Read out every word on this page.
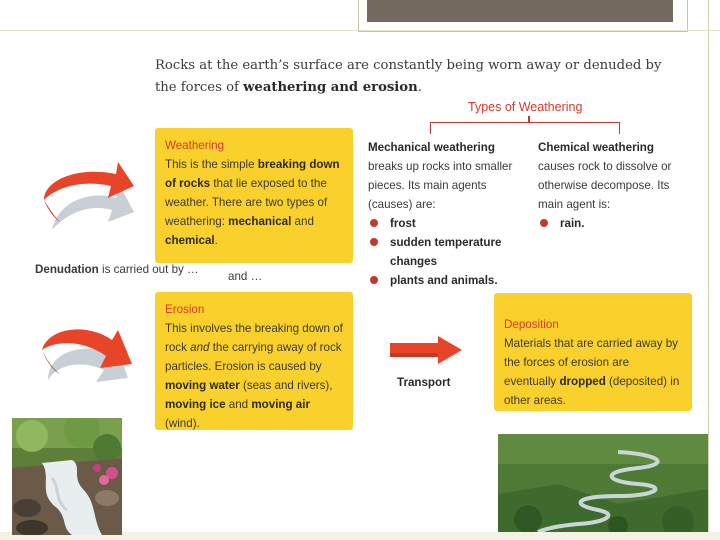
Rocks at the earth’s surface are constantly being worn away or denuded by the forces of weathering and erosion.
Types of Weathering
Weathering
This is the simple breaking down of rocks that lie exposed to the weather. There are two types of weathering: mechanical and chemical.
Mechanical weathering
breaks up rocks into smaller pieces. Its main agents (causes) are:
frost
sudden temperature changes
plants and animals.
Chemical weathering
causes rock to dissolve or otherwise decompose. Its main agent is:
rain.
Denudation is carried out by …
and …
Erosion
This involves the breaking down of rock and the carrying away of rock particles. Erosion is caused by moving water (seas and rivers), moving ice and moving air (wind).
Transport
Deposition
Materials that are carried away by the forces of erosion are eventually dropped (deposited) in other areas.
